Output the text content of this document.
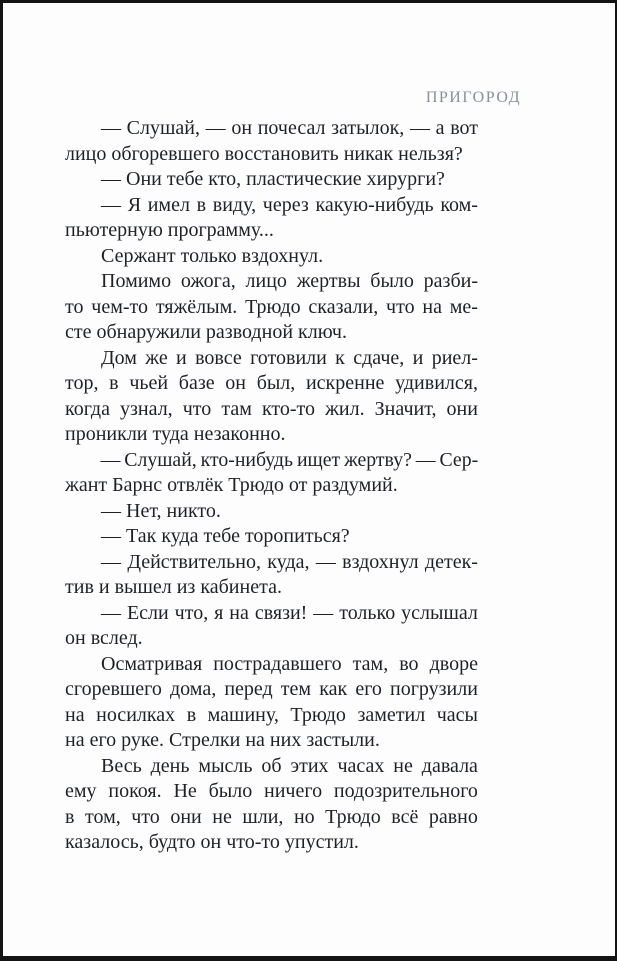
ПРИГОРОД
— Слушай, — он почесал затылок, — а вот
лицо обгоревшего восстановить никак нельзя?
— Они тебе кто, пластические хирурги?
— Я имел в виду, через какую-нибудь ком-
пьютерную программу...
Сержант только вздохнул.
Помимо ожога, лицо жертвы было разби-
то чем-то тяжёлым. Трюдо сказали, что на ме-
сте обнаружили разводной ключ.
Дом же и вовсе готовили к сдаче, и риел-
тор, в чьей базе он был, искренне удивился,
когда узнал, что там кто-то жил. Значит, они
проникли туда незаконно.
— Слушай, кто-нибудь ищет жертву? — Сер-
жант Барнс отвлёк Трюдо от раздумий.
— Нет, никто.
— Так куда тебе торопиться?
— Действительно, куда, — вздохнул детек-
тив и вышел из кабинета.
— Если что, я на связи! — только услышал
он вслед.
Осматривая пострадавшего там, во дворе
сгоревшего дома, перед тем как его погрузили
на носилках в машину, Трюдо заметил часы
на его руке. Стрелки на них застыли.
Весь день мысль об этих часах не давала
ему покоя. Не было ничего подозрительного
в том, что они не шли, но Трюдо всё равно
казалось, будто он что-то упустил.
